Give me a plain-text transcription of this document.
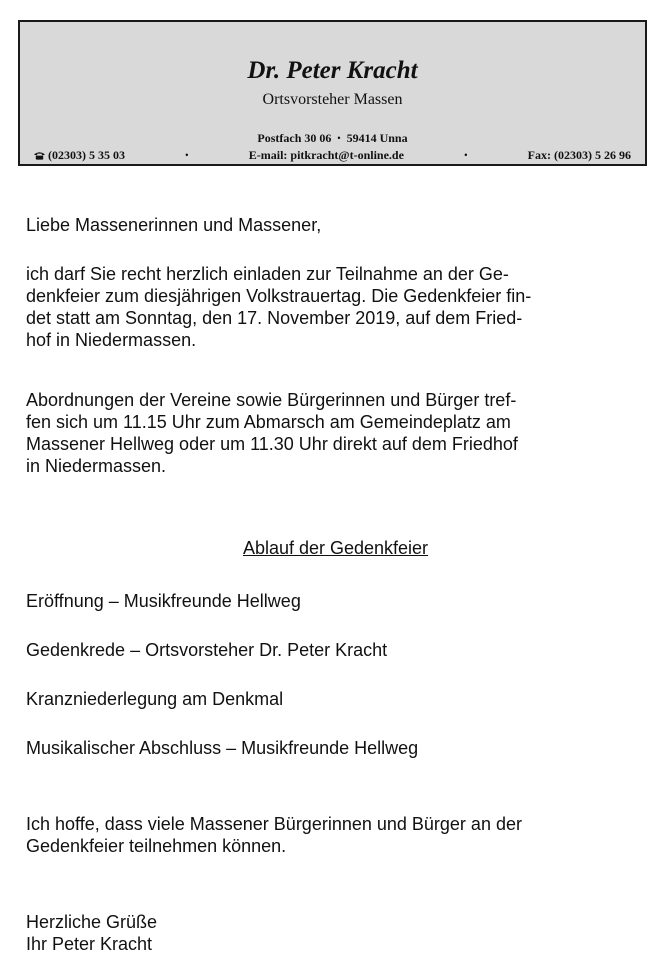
Dr. Peter Kracht
Ortsvorsteher Massen
Postfach 30 06 • 59414 Unna
(02303) 5 35 03	•	E-mail: pitkracht@t-online.de	•	Fax: (02303) 5 26 96

Liebe Massenerinnen und Massener,

ich darf Sie recht herzlich einladen zur Teilnahme an der Ge-
denkfeier zum diesjährigen Volkstrauertag. Die Gedenkfeier fin-
det statt am Sonntag, den 17. November 2019, auf dem Fried-
hof in Niedermassen.
Abordnungen der Vereine sowie Bürgerinnen und Bürger tref-
fen sich um 11.15 Uhr zum Abmarsch am Gemeindeplatz am
Massener Hellweg oder um 11.30 Uhr direkt auf dem Friedhof
in Niedermassen.

Ablauf der Gedenkfeier

Eröffnung – Musikfreunde Hellweg

Gedenkrede – Ortsvorsteher Dr. Peter Kracht

Kranzniederlegung am Denkmal

Musikalischer Abschluss – Musikfreunde Hellweg

Ich hoffe, dass viele Massener Bürgerinnen und Bürger an der
Gedenkfeier teilnehmen können.

Herzliche Grüße

Ihr Peter Kracht
